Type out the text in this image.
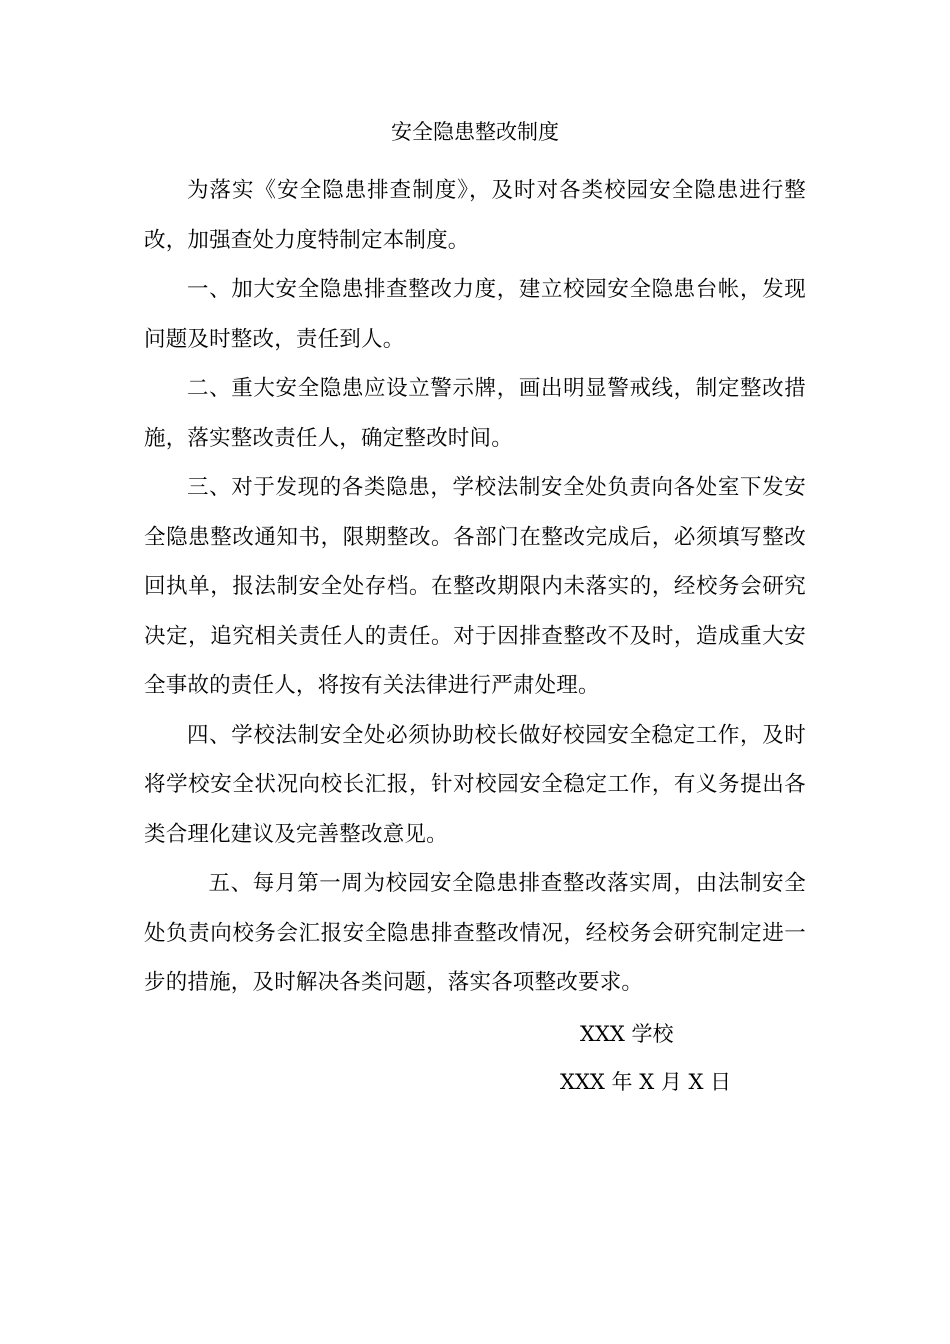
安全隐患整改制度

为落实《安全隐患排查制度》，及时对各类校园安全隐患进行整改，加强查处力度特制定本制度。

一、加大安全隐患排查整改力度，建立校园安全隐患台帐，发现问题及时整改，责任到人。

二、重大安全隐患应设立警示牌，画出明显警戒线，制定整改措施，落实整改责任人，确定整改时间。

三、对于发现的各类隐患，学校法制安全处负责向各处室下发安全隐患整改通知书，限期整改。各部门在整改完成后，必须填写整改回执单，报法制安全处存档。在整改期限内未落实的，经校务会研究决定，追究相关责任人的责任。对于因排查整改不及时，造成重大安全事故的责任人，将按有关法律进行严肃处理。

四、学校法制安全处必须协助校长做好校园安全稳定工作，及时将学校安全状况向校长汇报，针对校园安全稳定工作，有义务提出各类合理化建议及完善整改意见。

五、每月第一周为校园安全隐患排查整改落实周，由法制安全处负责向校务会汇报安全隐患排查整改情况，经校务会研究制定进一步的措施，及时解决各类问题，落实各项整改要求。

XXX 学校
XXX 年 X 月 X 日
